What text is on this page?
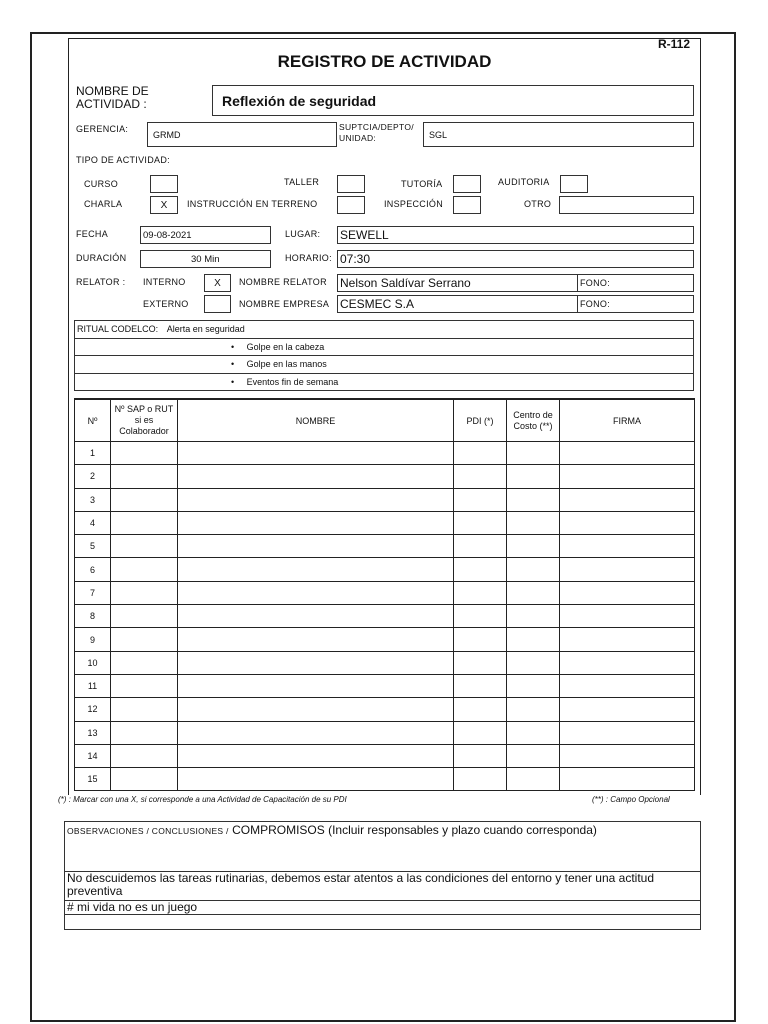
R-112
REGISTRO DE ACTIVIDAD
NOMBRE DE ACTIVIDAD :	Reflexión de seguridad
GERENCIA:
GRMD
SUPTCIA/DEPTO/ UNIDAD:	SGL
TIPO DE ACTIVIDAD:
CURSO	TALLER	TUTORÍA	AUDITORIA
CHARLA	X	INSTRUCCIÓN EN TERRENO	INSPECCIÓN	OTRO
FECHA	09-08-2021	LUGAR: SEWELL
DURACIÓN	30 Min	HORARIO: 07:30
RELATOR : INTERNO	X	NOMBRE RELATOR Nelson Saldívar Serrano	FONO:
EXTERNO	NOMBRE EMPRESA CESMEC S.A	FONO:
RITUAL CODELCO: Alerta en seguridad
•     Golpe en la cabeza
•     Golpe en las manos
•     Eventos fin de semana
Nº	Nº SAP o RUT si es Colaborador	NOMBRE	PDI (*)	Centro de Costo (**)	FIRMA
1					
2					
3					
4					
5					
6					
7					
8					
9					
10					
11					
12					
13					
14					
15					
(*) : Marcar con una X, si corresponde a una Actividad de Capacitación de su PDI	(**) : Campo Opcional
OBSERVACIONES / CONCLUSIONES / COMPROMISOS (Incluir responsables y plazo cuando corresponda)
No descuidemos las tareas rutinarias, debemos estar atentos a las condiciones del entorno y tener una actitud preventiva
# mi vida no es un juego
